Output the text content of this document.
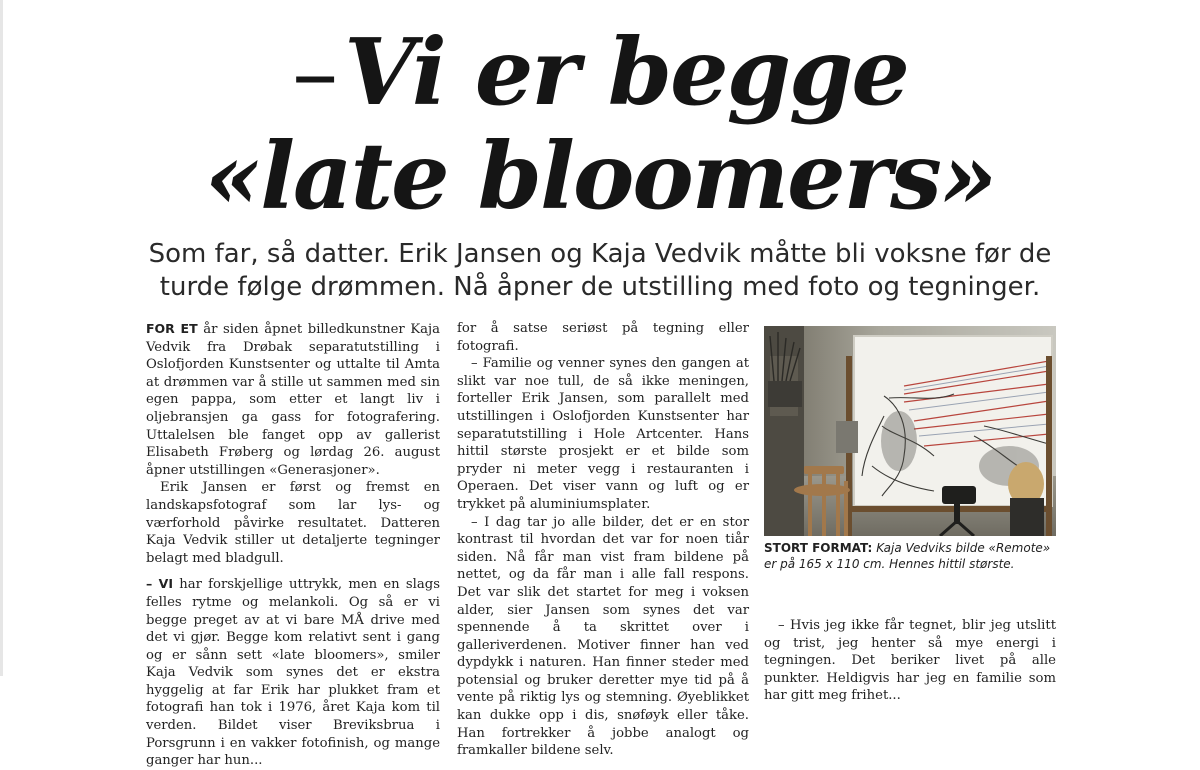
–Vi er begge
«late bloomers»
Som far, så datter. Erik Jansen og Kaja Vedvik måtte bli voksne før de turde følge drømmen. Nå åpner de utstilling med foto og tegninger.

FOR ET år siden åpnet billedkunstner Kaja Vedvik fra Drøbak separatutstilling i Oslofjorden Kunstsenter og uttalte til Amta at drømmen var å stille ut sammen med sin egen pappa, som etter et langt liv i oljebransjen ga gass for fotografering. Uttalelsen ble fanget opp av gallerist Elisabeth Frøberg og lørdag 26. august åpner utstillingen «Generasjoner».

Erik Jansen er først og fremst en landskapsfotograf som lar lys- og værforhold påvirke resultatet. Datteren Kaja Vedvik stiller ut detaljerte tegninger belagt med bladgull.

– VI har forskjellige uttrykk, men en slags felles rytme og melankoli. Og så er vi begge preget av at vi bare MÅ drive med det vi gjør. Begge kom relativt sent i gang og er sånn sett «late bloomers», smiler Kaja Vedvik som synes det er ekstra hyggelig at far Erik har plukket fram et fotografi han tok i 1976, året Kaja kom til verden. Bildet viser Breviksbrua i Porsgrunn i en vakker fotofinish, og mange ganger har hun...

for å satse seriøst på tegning eller fotografi.

– Familie og venner synes den gangen at slikt var noe tull, de så ikke meningen, forteller Erik Jansen, som parallelt med utstillingen i Oslofjorden Kunstsenter har separatutstilling i Hole Artcenter. Hans hittil største prosjekt er et bilde som pryder ni meter vegg i restauranten i Operaen. Det viser vann og luft og er trykket på aluminiumsplater.

– I dag tar jo alle bilder, det er en stor kontrast til hvordan det var for noen tiår siden. Nå får man vist fram bildene på nettet, og da får man i alle fall respons. Det var slik det startet for meg i voksen alder, sier Jansen som synes det var spennende å ta skrittet over i galleriverdenen. Motiver finner han ved dypdykk i naturen. Han finner steder med potensial og bruker deretter mye tid på å vente på riktig lys og stemning. Øyeblikket kan dukke opp i dis, snøføyk eller tåke. Han fortrekker å jobbe analogt og framkaller bildene selv.

STORT FORMAT: Kaja Vedviks bilde «Remote» er på 165 x 110 cm. Hennes hittil største.

– Hvis jeg ikke får tegnet, blir jeg utslitt og trist, jeg henter så mye energi i tegningen. Det beriker livet på alle punkter. Heldigvis har jeg en familie som har gitt meg frihet...
